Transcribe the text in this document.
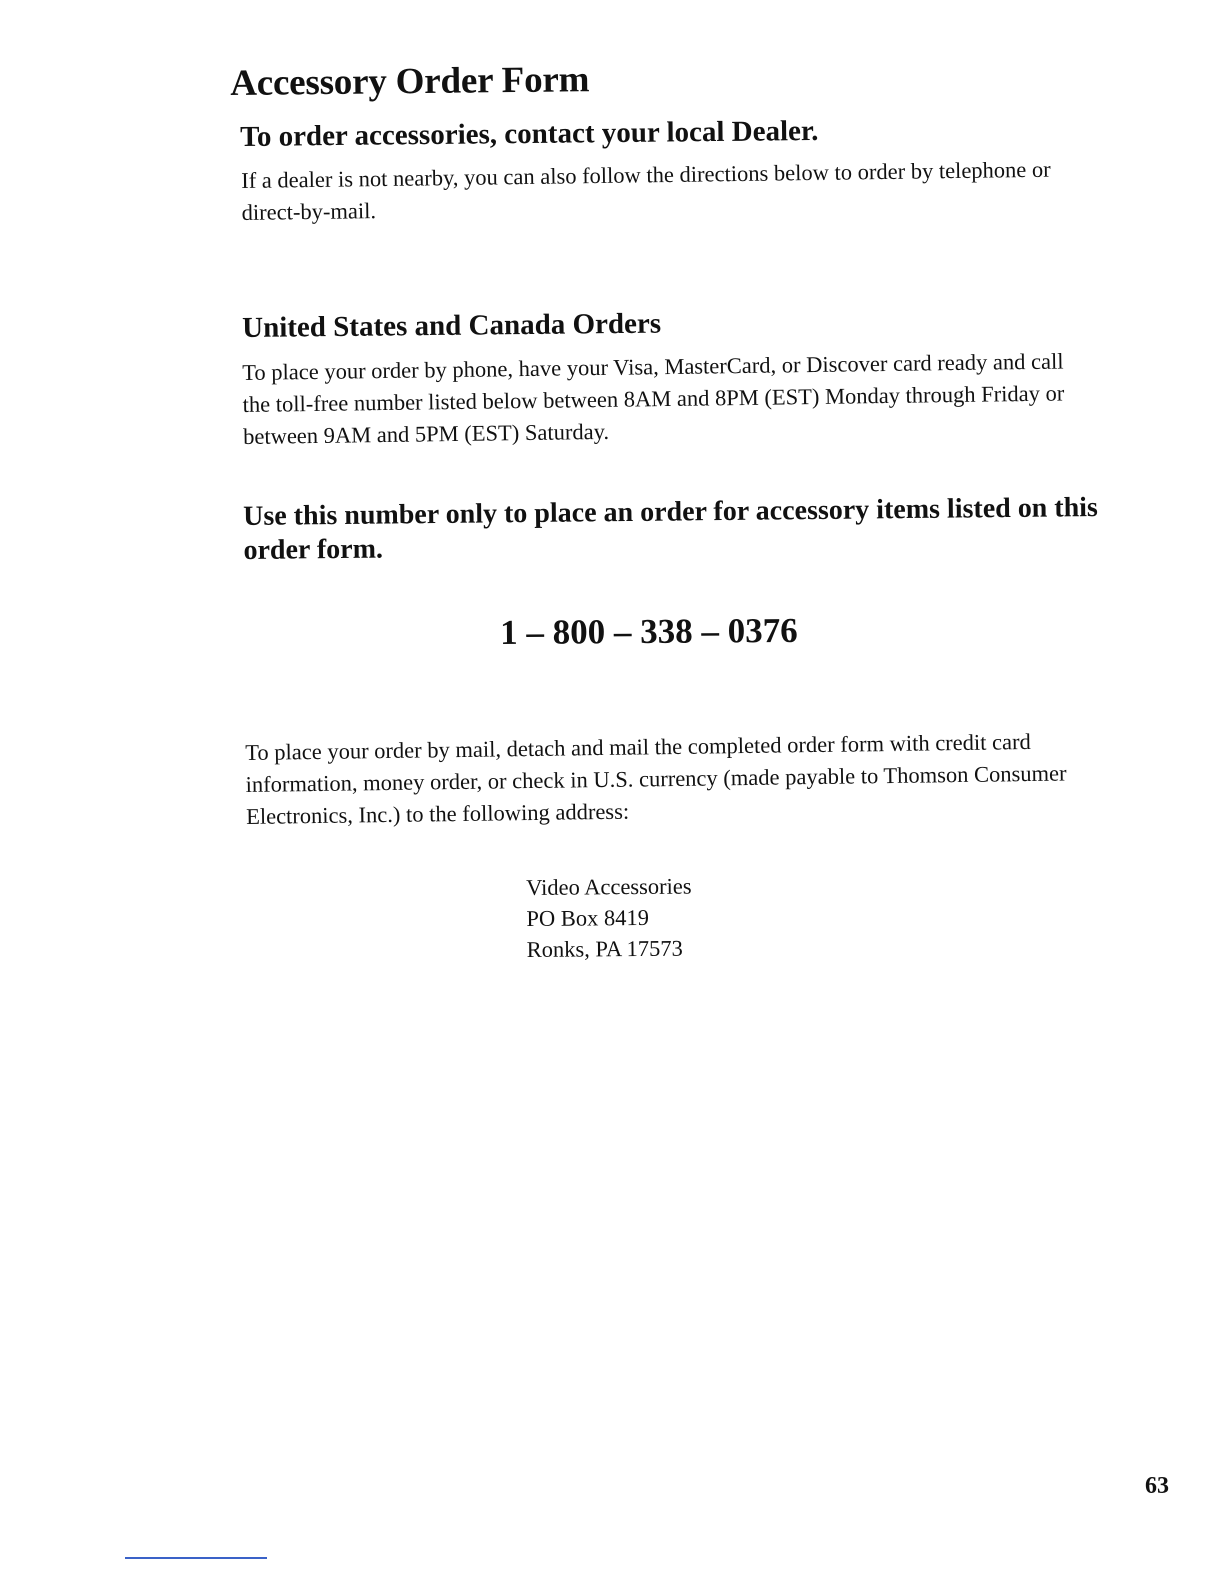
Accessory Order Form
To order accessories, contact your local Dealer.

If a dealer is not nearby, you can also follow the directions below to order by telephone or direct-by-mail.

United States and Canada Orders

To place your order by phone, have your Visa, MasterCard, or Discover card ready and call the toll-free number listed below between 8AM and 8PM (EST) Monday through Friday or between 9AM and 5PM (EST) Saturday.

Use this number only to place an order for accessory items listed on this order form.

1 – 800 – 338 – 0376

To place your order by mail, detach and mail the completed order form with credit card information, money order, or check in U.S. currency (made payable to Thomson Consumer Electronics, Inc.) to the following address:

Video Accessories
PO Box 8419
Ronks, PA 17573
63
